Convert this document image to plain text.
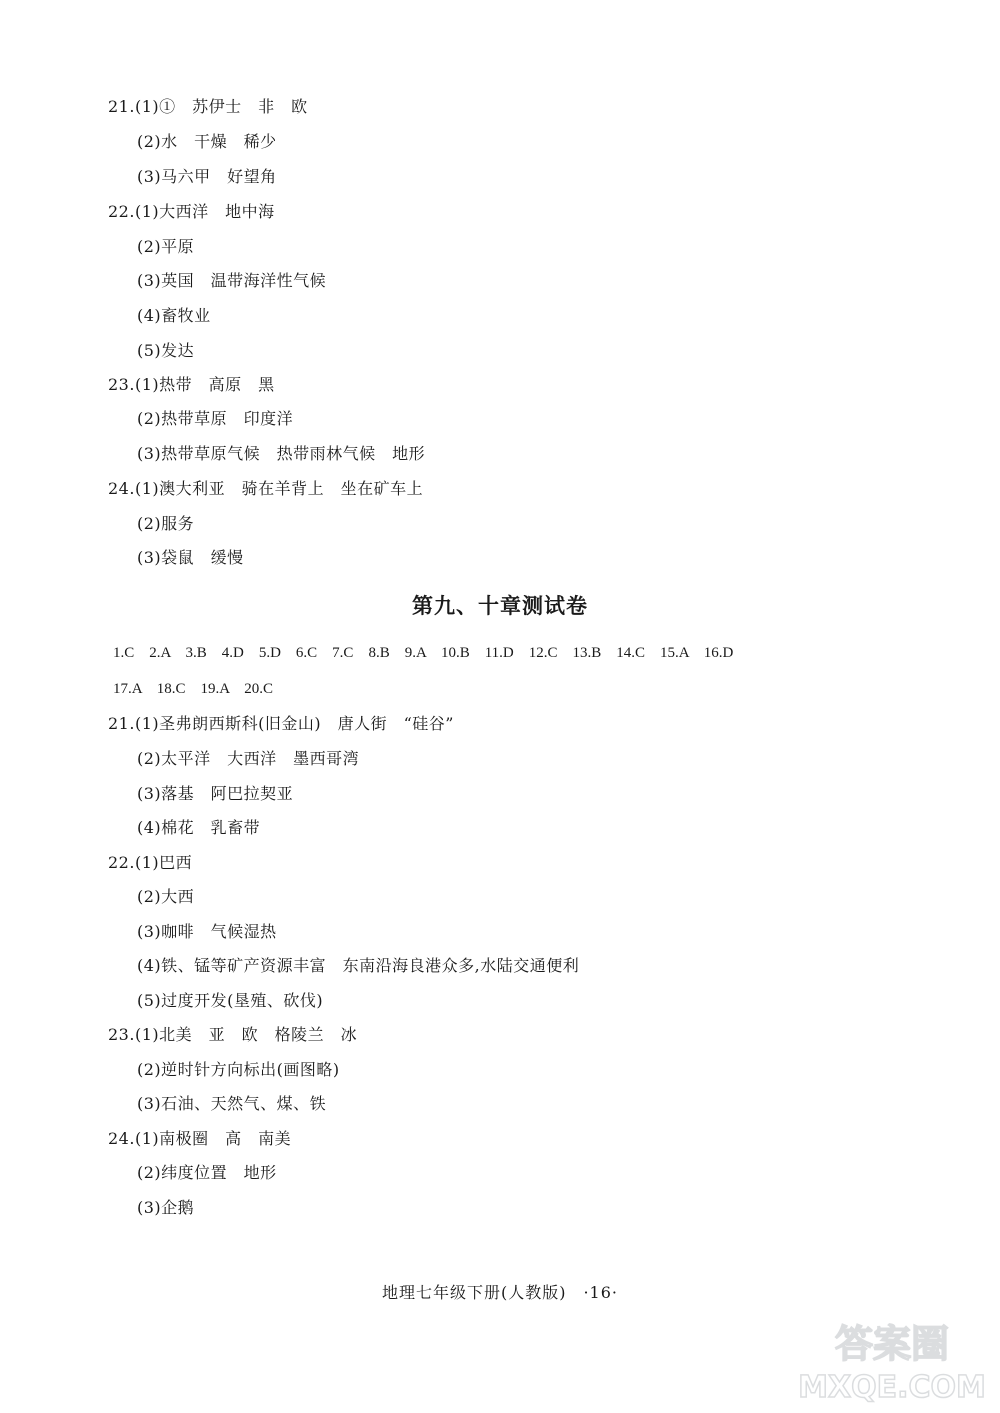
21.(1)①　苏伊士　非　欧
(2)水　干燥　稀少
(3)马六甲　好望角
22.(1)大西洋　地中海
(2)平原
(3)英国　温带海洋性气候
(4)畜牧业
(5)发达
23.(1)热带　高原　黑
(2)热带草原　印度洋
(3)热带草原气候　热带雨林气候　地形
24.(1)澳大利亚　骑在羊背上　坐在矿车上
(2)服务
(3)袋鼠　缓慢
第九、十章测试卷
1.C　2.A　3.B　4.D　5.D　6.C　7.C　8.B　9.A　10.B　11.D　12.C　13.B　14.C　15.A　16.D
17.A　18.C　19.A　20.C
21.(1)圣弗朗西斯科(旧金山)　唐人街　“硅谷”
(2)太平洋　大西洋　墨西哥湾
(3)落基　阿巴拉契亚
(4)棉花　乳畜带
22.(1)巴西
(2)大西
(3)咖啡　气候湿热
(4)铁、锰等矿产资源丰富　东南沿海良港众多,水陆交通便利
(5)过度开发(垦殖、砍伐)
23.(1)北美　亚　欧　格陵兰　冰
(2)逆时针方向标出(画图略)
(3)石油、天然气、煤、铁
24.(1)南极圈　高　南美
(2)纬度位置　地形
(3)企鹅
地理七年级下册(人教版)　·16·
答案圈
MXQE.COM
